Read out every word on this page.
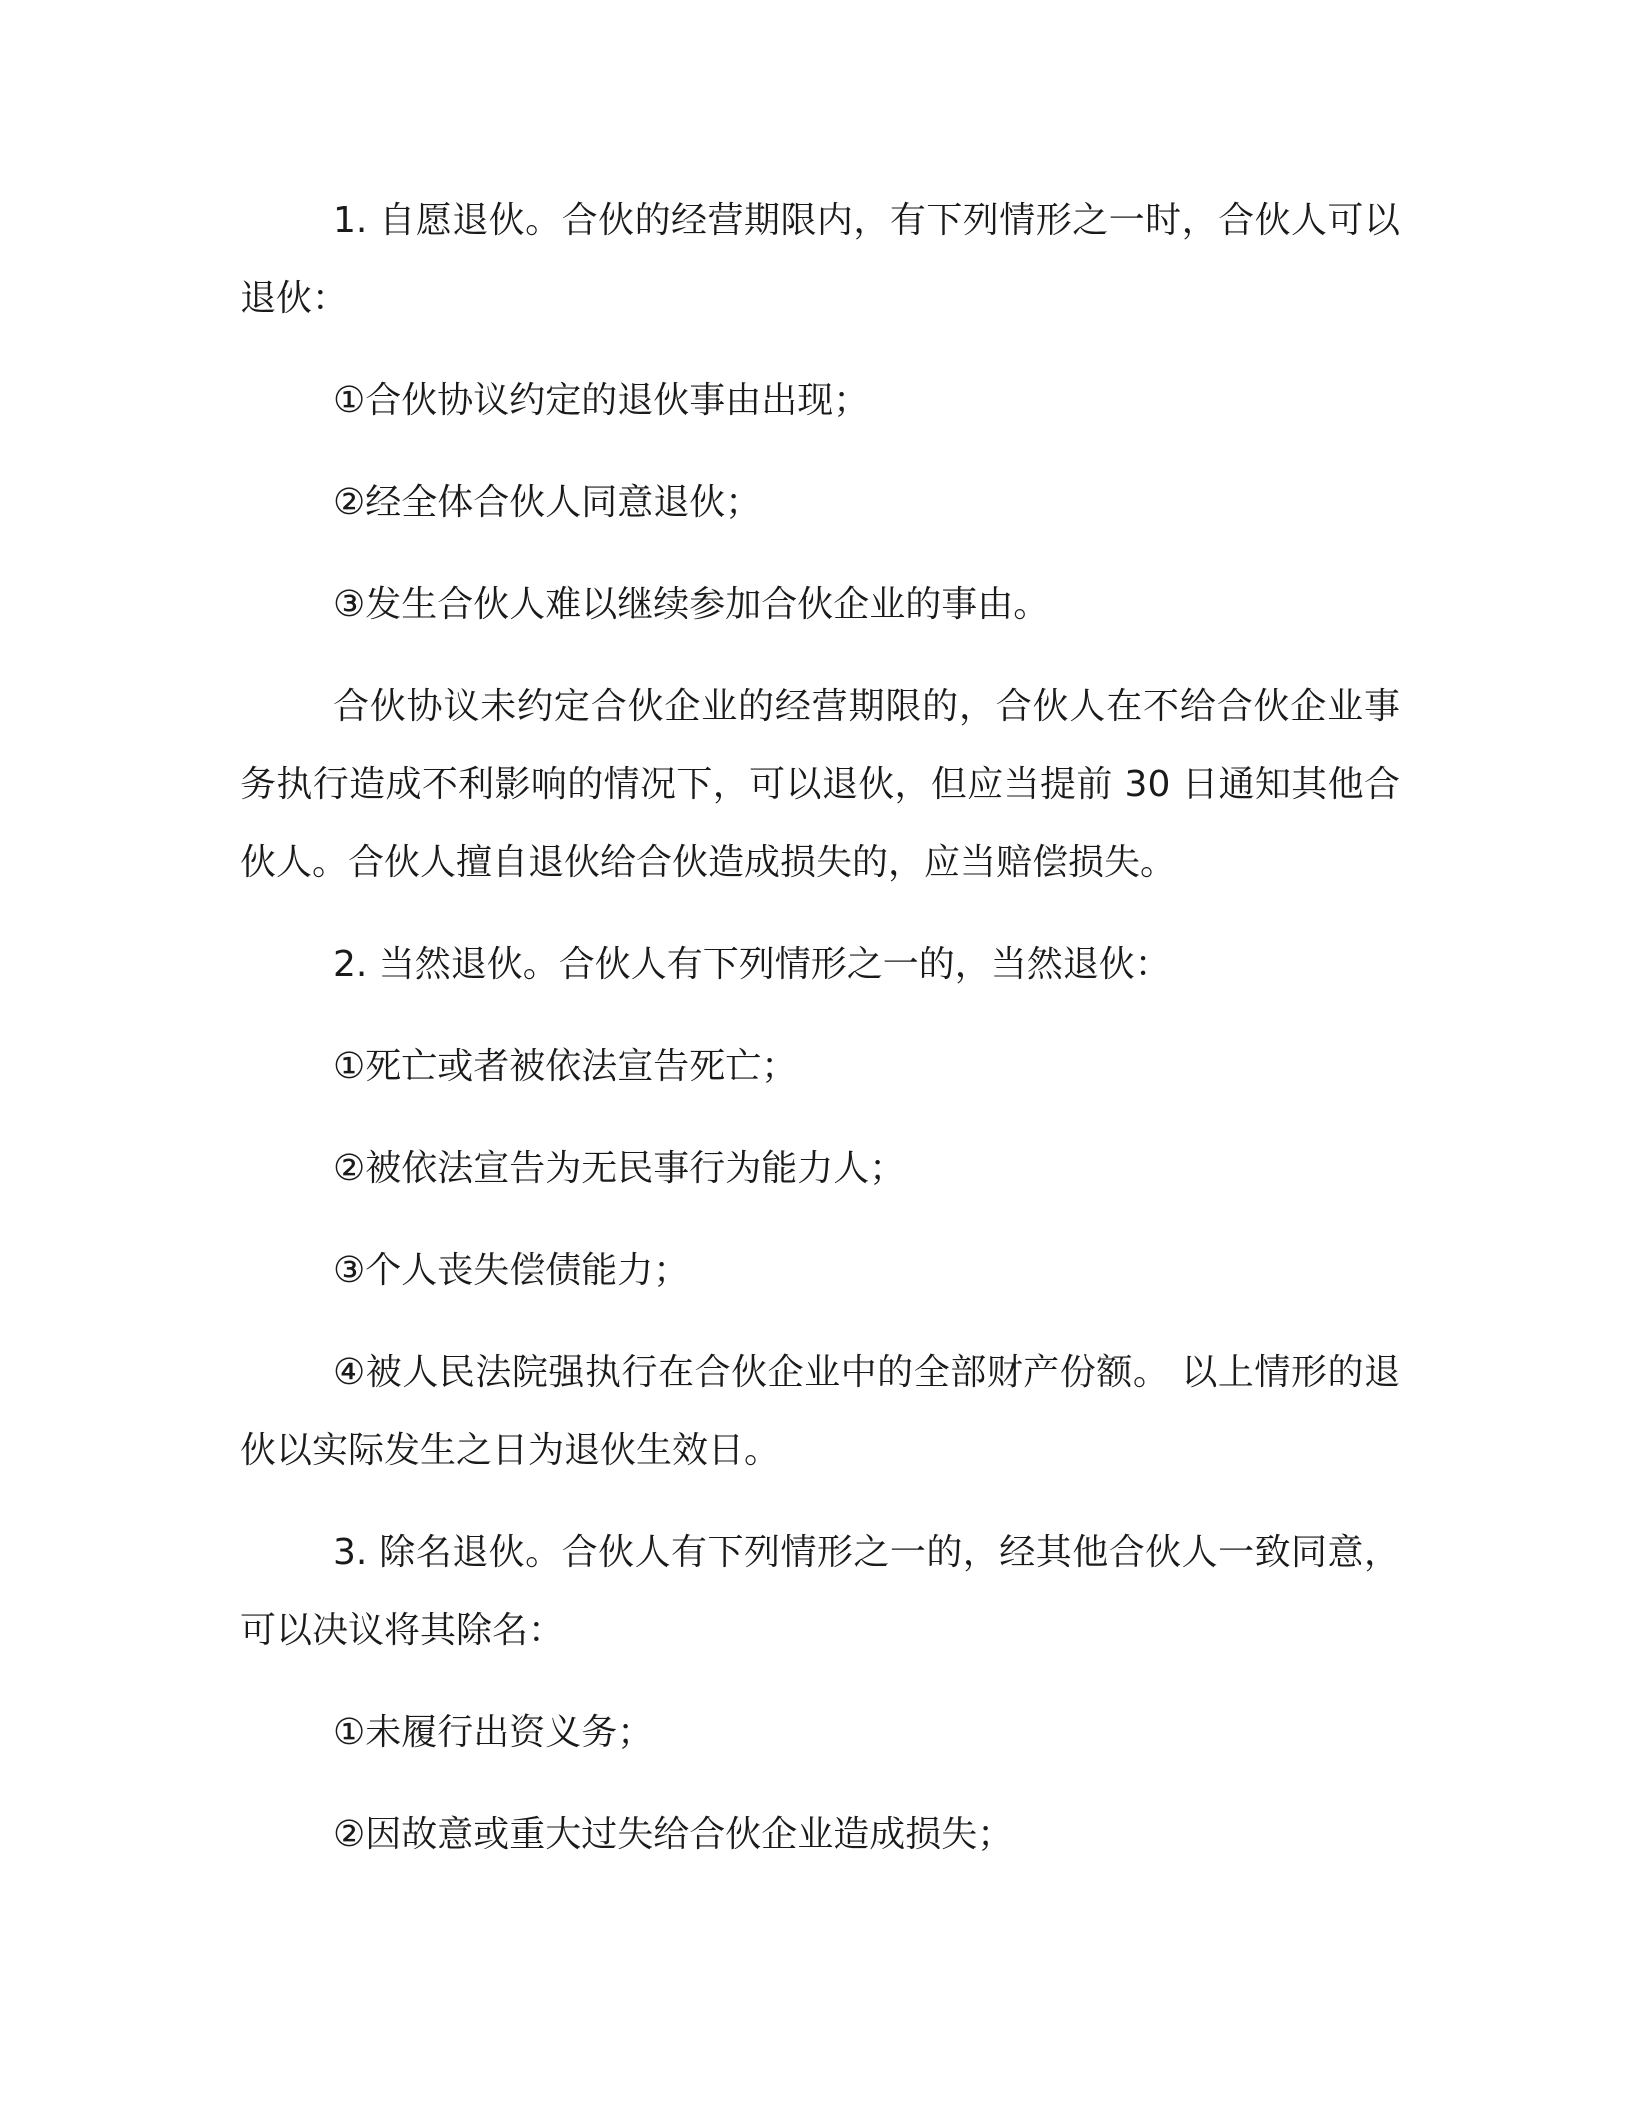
1. 自愿退伙。合伙的经营期限内，有下列情形之一时，合伙人可以退伙：

①合伙协议约定的退伙事由出现；

②经全体合伙人同意退伙；

③发生合伙人难以继续参加合伙企业的事由。

合伙协议未约定合伙企业的经营期限的，合伙人在不给合伙企业事务执行造成不利影响的情况下，可以退伙，但应当提前 30 日通知其他合伙人。合伙人擅自退伙给合伙造成损失的，应当赔偿损失。

2. 当然退伙。合伙人有下列情形之一的，当然退伙：

①死亡或者被依法宣告死亡；

②被依法宣告为无民事行为能力人；

③个人丧失偿债能力；

④被人民法院强执行在合伙企业中的全部财产份额。 以上情形的退伙以实际发生之日为退伙生效日。

3. 除名退伙。合伙人有下列情形之一的，经其他合伙人一致同意，可以决议将其除名：

①未履行出资义务；

②因故意或重大过失给合伙企业造成损失；
